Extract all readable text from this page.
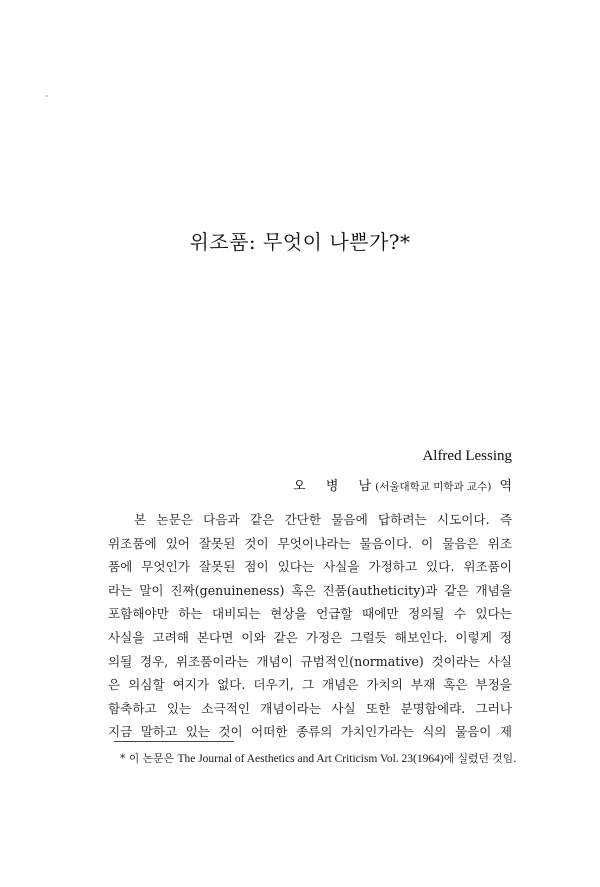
위조품: 무엇이 나쁜가?*
Alfred Lessing
오 병 남(서울대학교 미학과 교수) 역
본 논문은 다음과 같은 간단한 물음에 답하려는 시도이다. 즉
위조품에 있어 잘못된 것이 무엇이냐라는 물음이다. 이 물음은 위조
품에 무엇인가 잘못된 점이 있다는 사실을 가정하고 있다. 위조품이
라는 말이 진짜(genuineness) 혹은 진품(autheticity)과 같은 개념을
포함해야만 하는 대비되는 현상을 언급할 때에만 정의될 수 있다는
사실을 고려해 본다면 이와 같은 가정은 그럴듯 해보인다. 이렇게 정
의될 경우, 위조품이라는 개념이 규범적인(normative) 것이라는 사실
은 의심할 여지가 없다. 더우기, 그 개념은 가치의 부재 혹은 부정을
함축하고 있는 소극적인 개념이라는 사실 또한 분명함에랴. 그러나
지금 말하고 있는 것이 어떠한 종류의 가치인가라는 식의 물음이 제
* 이 논문은 The Journal of Aesthetics and Art Criticism Vol. 23(1964)에 실렸던 것임.
